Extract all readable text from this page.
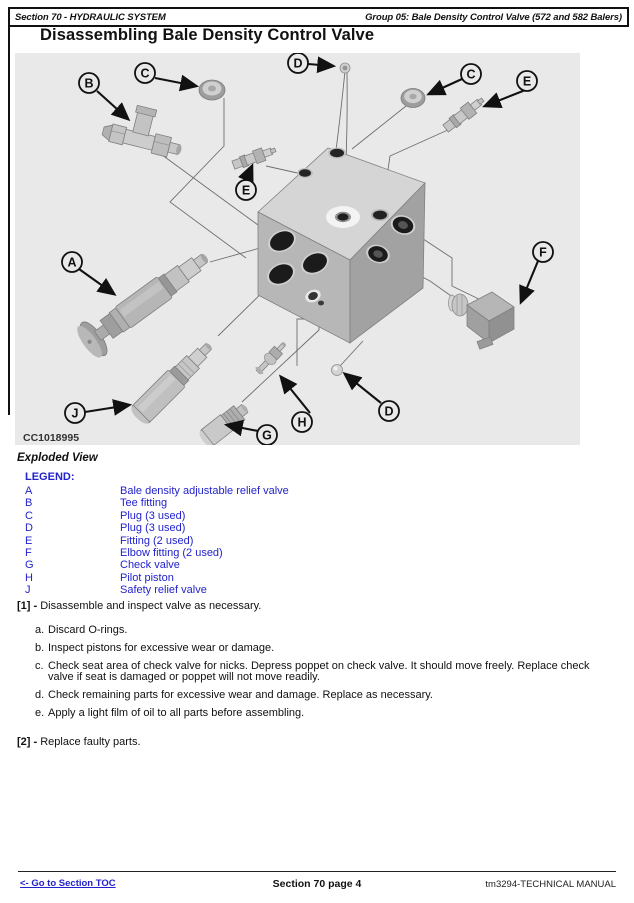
Section 70 - HYDRAULIC SYSTEM	Group 05: Bale Density Control Valve (572 and 582 Balers)
Disassembling Bale Density Control Valve
B
C
D
C	E
E
F
A
J
G
H
D
CC1018995
Exploded View
LEGEND:
A	Bale density adjustable relief valve
B	Tee fitting
C	Plug (3 used)
D	Plug (3 used)
E	Fitting (2 used)
F	Elbow fitting (2 used)
G	Check valve
H	Pilot piston
J	Safety relief valve
[1] - Disassemble and inspect valve as necessary.
a. Discard O-rings.
b. Inspect pistons for excessive wear or damage.
c. Check seat area of check valve for nicks. Depress poppet on check valve. It should move freely. Replace check valve if seat is damaged or poppet will not move readily.
d. Check remaining parts for excessive wear and damage. Replace as necessary.
e. Apply a light film of oil to all parts before assembling.
[2] - Replace faulty parts.
<- Go to Section TOC	Section 70 page 4	tm3294-TECHNICAL MANUAL
